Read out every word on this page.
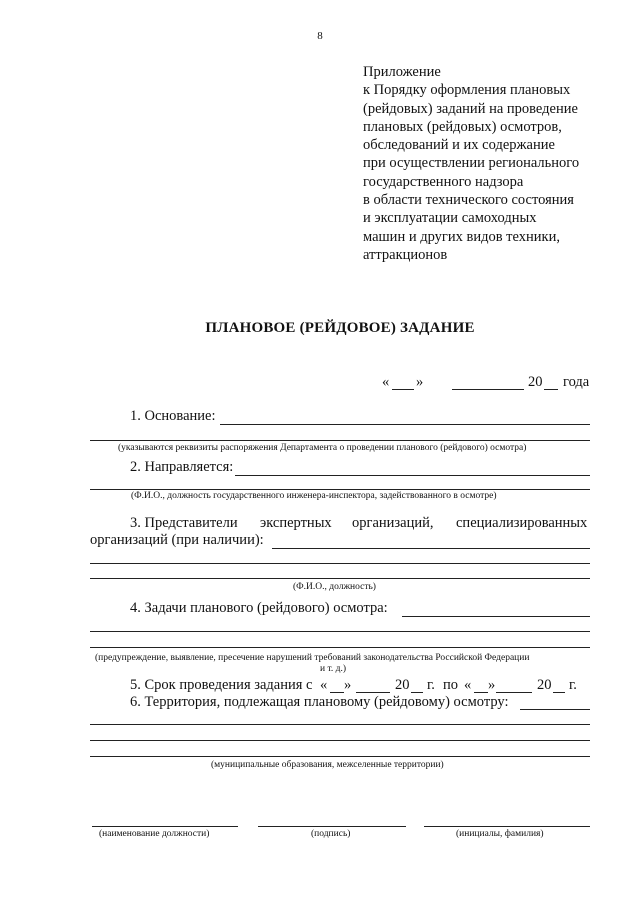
8
Приложение
к Порядку оформления плановых
(рейдовых) заданий на проведение
плановых (рейдовых) осмотров,
обследований и их содержание
при осуществлении регионального
государственного надзора
в области технического состояния
и эксплуатации самоходных
машин и других видов техники,
аттракционов
ПЛАНОВОЕ (РЕЙДОВОЕ) ЗАДАНИЕ
« »	20 года
1. Основание:
(указываются реквизиты распоряжения Департамента о проведении планового (рейдового) осмотра)
2. Направляется:
(Ф.И.О., должность государственного инженера-инспектора, задействованного в осмотре)
3. Представители экспертных организаций, специализированных
организаций (при наличии):
(Ф.И.О., должность)
4. Задачи планового (рейдового) осмотра:
(предупреждение, выявление, пресечение нарушений требований законодательства Российской Федерации
и т. д.)
5. Срок проведения задания с « »	20 г. по « »	20 г.
6. Территория, подлежащая плановому (рейдовому) осмотру:
(муниципальные образования, межселенные территории)
(наименование должности)	(подпись)	(инициалы, фамилия)
